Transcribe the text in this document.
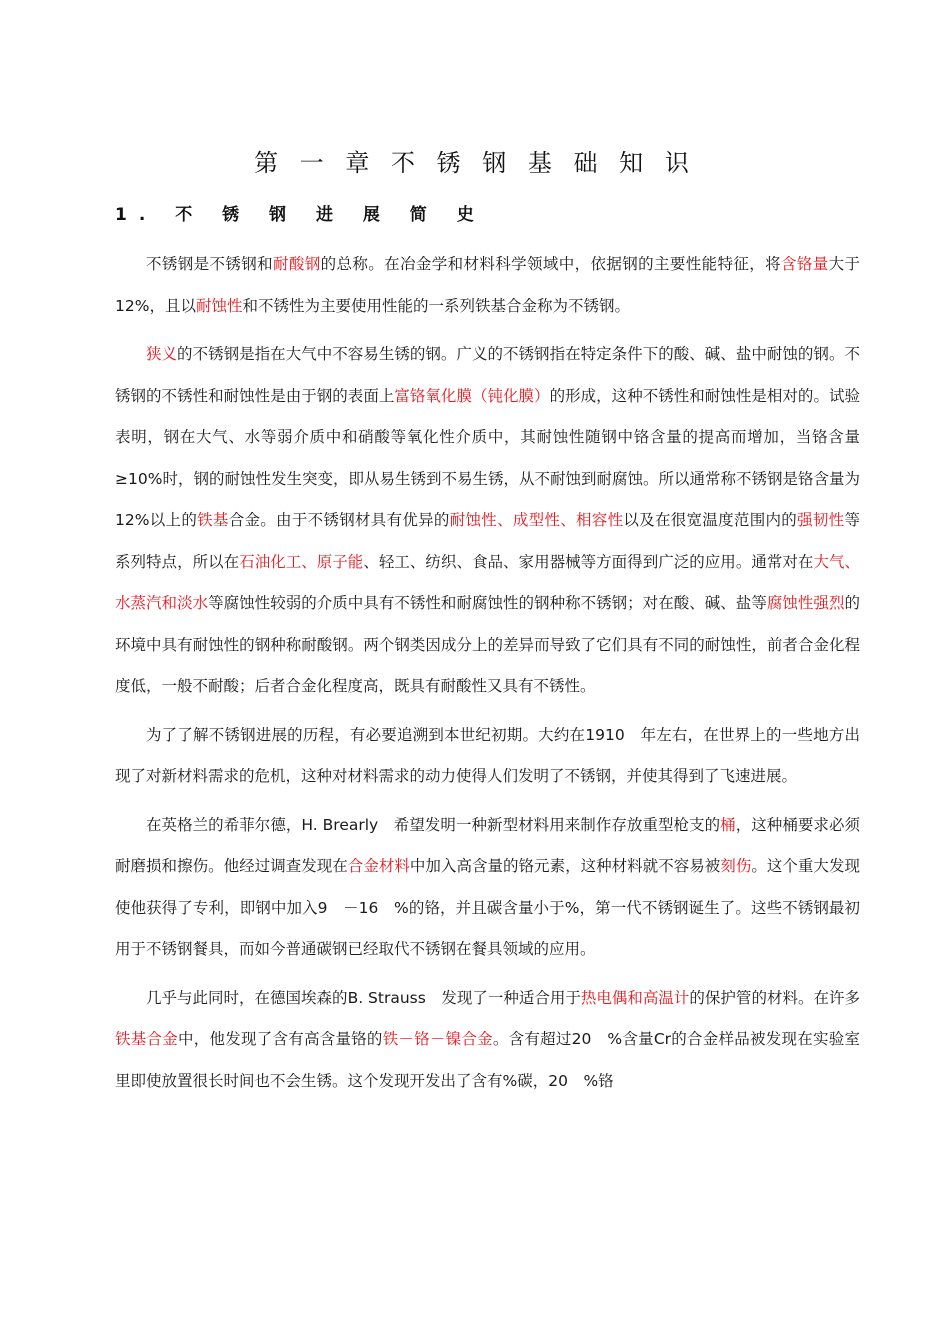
第 一 章 不 锈 钢 基 础 知 识
1. 不 锈 钢 进 展 简 史

不锈钢是不锈钢和耐酸钢的总称。在冶金学和材料科学领域中，依据钢的主要性能特征，将含铬量大于12%，且以耐蚀性和不锈性为主要使用性能的一系列铁基合金称为不锈钢。

狭义的不锈钢是指在大气中不容易生锈的钢。广义的不锈钢指在特定条件下的酸、碱、盐中耐蚀的钢。不锈钢的不锈性和耐蚀性是由于钢的表面上富铬氧化膜（钝化膜）的形成，这种不锈性和耐蚀性是相对的。试验表明，钢在大气、水等弱介质中和硝酸等氧化性介质中，其耐蚀性随钢中铬含量的提高而增加，当铬含量≥10%时，钢的耐蚀性发生突变，即从易生锈到不易生锈，从不耐蚀到耐腐蚀。所以通常称不锈钢是铬含量为12%以上的铁基合金。由于不锈钢材具有优异的耐蚀性、成型性、相容性以及在很宽温度范围内的强韧性等系列特点，所以在石油化工、原子能、轻工、纺织、食品、家用器械等方面得到广泛的应用。通常对在大气、水蒸汽和淡水等腐蚀性较弱的介质中具有不锈性和耐腐蚀性的钢种称不锈钢；对在酸、碱、盐等腐蚀性强烈的环境中具有耐蚀性的钢种称耐酸钢。两个钢类因成分上的差异而导致了它们具有不同的耐蚀性，前者合金化程度低，一般不耐酸；后者合金化程度高，既具有耐酸性又具有不锈性。

为了了解不锈钢进展的历程，有必要追溯到本世纪初期。大约在1910　年左右，在世界上的一些地方出现了对新材料需求的危机，这种对材料需求的动力使得人们发明了不锈钢，并使其得到了飞速进展。

在英格兰的希菲尔德，H. Brearly　希望发明一种新型材料用来制作存放重型枪支的桶，这种桶要求必须耐磨损和擦伤。他经过调查发现在合金材料中加入高含量的铬元素，这种材料就不容易被刻伤。这个重大发现使他获得了专利，即钢中加入9　－16　%的铬，并且碳含量小于%，第一代不锈钢诞生了。这些不锈钢最初用于不锈钢餐具，而如今普通碳钢已经取代不锈钢在餐具领域的应用。

几乎与此同时，在德国埃森的B. Strauss　发现了一种适合用于热电偶和高温计的保护管的材料。在许多铁基合金中，他发现了含有高含量铬的铁－铬－镍合金。含有超过20　%含量Cr的合金样品被发现在实验室里即使放置很长时间也不会生锈。这个发现开发出了含有%碳，20　%铬
